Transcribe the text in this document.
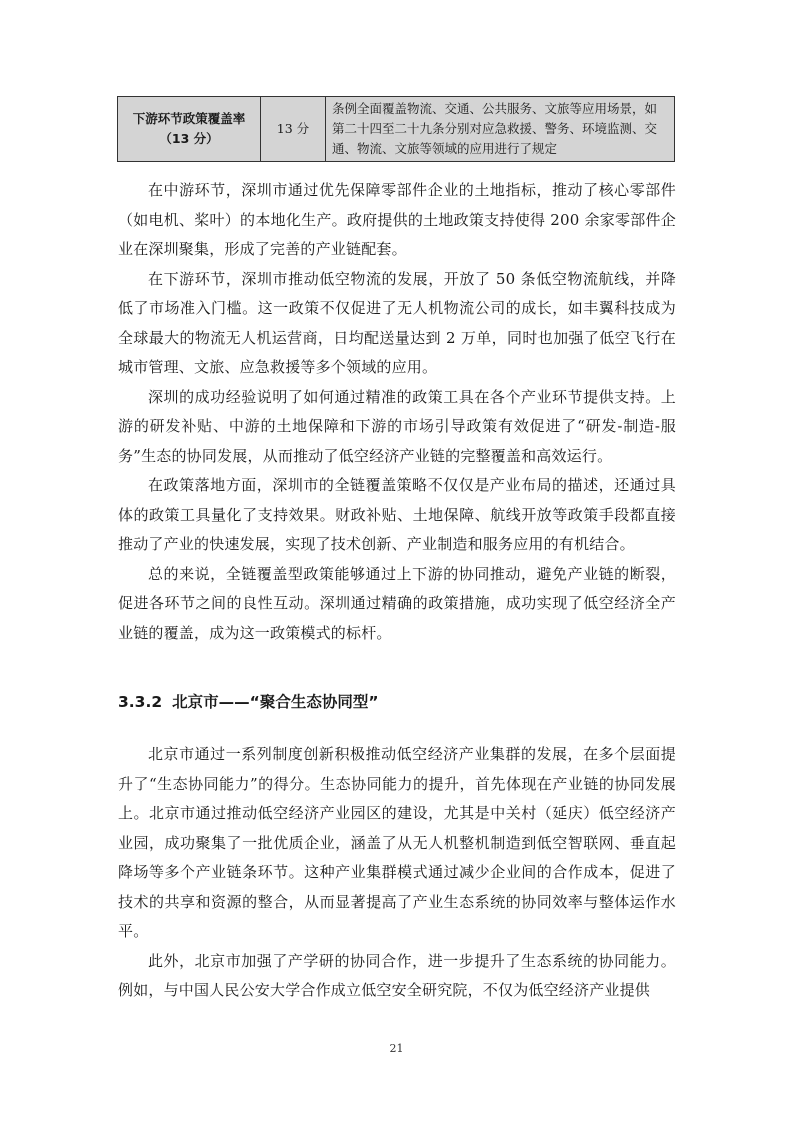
下游环节政策覆盖率
（13 分）
	13 分	条例全面覆盖物流、交通、公共服务、文旅等应用场景，如第二十四至二十九条分别对应急救援、警务、环境监测、交通、物流、文旅等领域的应用进行了规定

在中游环节，深圳市通过优先保障零部件企业的土地指标，推动了核心零部件（如电机、桨叶）的本地化生产。政府提供的土地政策支持使得 200 余家零部件企业在深圳聚集，形成了完善的产业链配套。

在下游环节，深圳市推动低空物流的发展，开放了 50 条低空物流航线，并降低了市场准入门槛。这一政策不仅促进了无人机物流公司的成长，如丰翼科技成为全球最大的物流无人机运营商，日均配送量达到 2 万单，同时也加强了低空飞行在城市管理、文旅、应急救援等多个领域的应用。

深圳的成功经验说明了如何通过精准的政策工具在各个产业环节提供支持。上游的研发补贴、中游的土地保障和下游的市场引导政策有效促进了“研发-制造-服务”生态的协同发展，从而推动了低空经济产业链的完整覆盖和高效运行。

在政策落地方面，深圳市的全链覆盖策略不仅仅是产业布局的描述，还通过具体的政策工具量化了支持效果。财政补贴、土地保障、航线开放等政策手段都直接推动了产业的快速发展，实现了技术创新、产业制造和服务应用的有机结合。

总的来说，全链覆盖型政策能够通过上下游的协同推动，避免产业链的断裂，促进各环节之间的良性互动。深圳通过精确的政策措施，成功实现了低空经济全产业链的覆盖，成为这一政策模式的标杆。

3.3.2 北京市——“聚合生态协同型”

北京市通过一系列制度创新积极推动低空经济产业集群的发展，在多个层面提升了“生态协同能力”的得分。生态协同能力的提升，首先体现在产业链的协同发展上。北京市通过推动低空经济产业园区的建设，尤其是中关村（延庆）低空经济产业园，成功聚集了一批优质企业，涵盖了从无人机整机制造到低空智联网、垂直起降场等多个产业链条环节。这种产业集群模式通过减少企业间的合作成本，促进了技术的共享和资源的整合，从而显著提高了产业生态系统的协同效率与整体运作水平。

此外，北京市加强了产学研的协同合作，进一步提升了生态系统的协同能力。例如，与中国人民公安大学合作成立低空安全研究院，不仅为低空经济产业提供

21
